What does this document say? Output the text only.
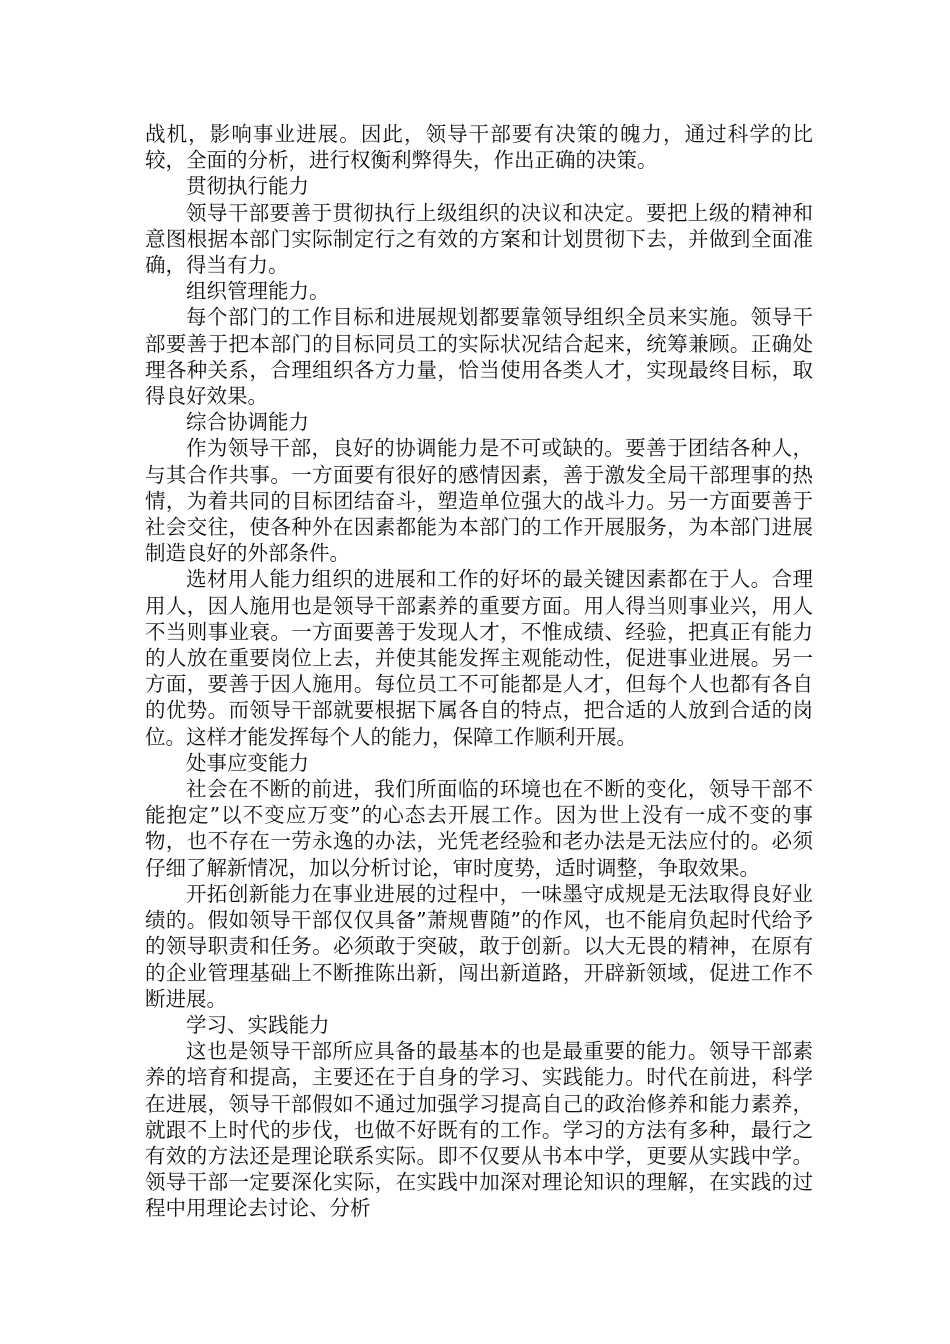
战机，影响事业进展。因此，领导干部要有决策的魄力，通过科学的比较，全面的分析，进行权衡利弊得失，作出正确的决策。

贯彻执行能力

领导干部要善于贯彻执行上级组织的决议和决定。要把上级的精神和意图根据本部门实际制定行之有效的方案和计划贯彻下去，并做到全面准确，得当有力。

组织管理能力。

每个部门的工作目标和进展规划都要靠领导组织全员来实施。领导干部要善于把本部门的目标同员工的实际状况结合起来，统筹兼顾。正确处理各种关系，合理组织各方力量，恰当使用各类人才，实现最终目标，取得良好效果。

综合协调能力

作为领导干部，良好的协调能力是不可或缺的。要善于团结各种人，与其合作共事。一方面要有很好的感情因素，善于激发全局干部理事的热情，为着共同的目标团结奋斗，塑造单位强大的战斗力。另一方面要善于社会交往，使各种外在因素都能为本部门的工作开展服务，为本部门进展制造良好的外部条件。

选材用人能力组织的进展和工作的好坏的最关键因素都在于人。合理用人，因人施用也是领导干部素养的重要方面。用人得当则事业兴，用人不当则事业衰。一方面要善于发现人才，不惟成绩、经验，把真正有能力的人放在重要岗位上去，并使其能发挥主观能动性，促进事业进展。另一方面，要善于因人施用。每位员工不可能都是人才，但每个人也都有各自的优势。而领导干部就要根据下属各自的特点，把合适的人放到合适的岗位。这样才能发挥每个人的能力，保障工作顺利开展。

处事应变能力

社会在不断的前进，我们所面临的环境也在不断的变化，领导干部不能抱定”以不变应万变”的心态去开展工作。因为世上没有一成不变的事物，也不存在一劳永逸的办法，光凭老经验和老办法是无法应付的。必须仔细了解新情况，加以分析讨论，审时度势，适时调整，争取效果。

开拓创新能力在事业进展的过程中，一味墨守成规是无法取得良好业绩的。假如领导干部仅仅具备”萧规曹随”的作风，也不能肩负起时代给予的领导职责和任务。必须敢于突破，敢于创新。以大无畏的精神，在原有的企业管理基础上不断推陈出新，闯出新道路，开辟新领域，促进工作不断进展。

学习、实践能力

这也是领导干部所应具备的最基本的也是最重要的能力。领导干部素养的培育和提高，主要还在于自身的学习、实践能力。时代在前进，科学在进展，领导干部假如不通过加强学习提高自己的政治修养和能力素养，就跟不上时代的步伐，也做不好既有的工作。学习的方法有多种，最行之有效的方法还是理论联系实际。即不仅要从书本中学，更要从实践中学。领导干部一定要深化实际，在实践中加深对理论知识的理解，在实践的过程中用理论去讨论、分析
